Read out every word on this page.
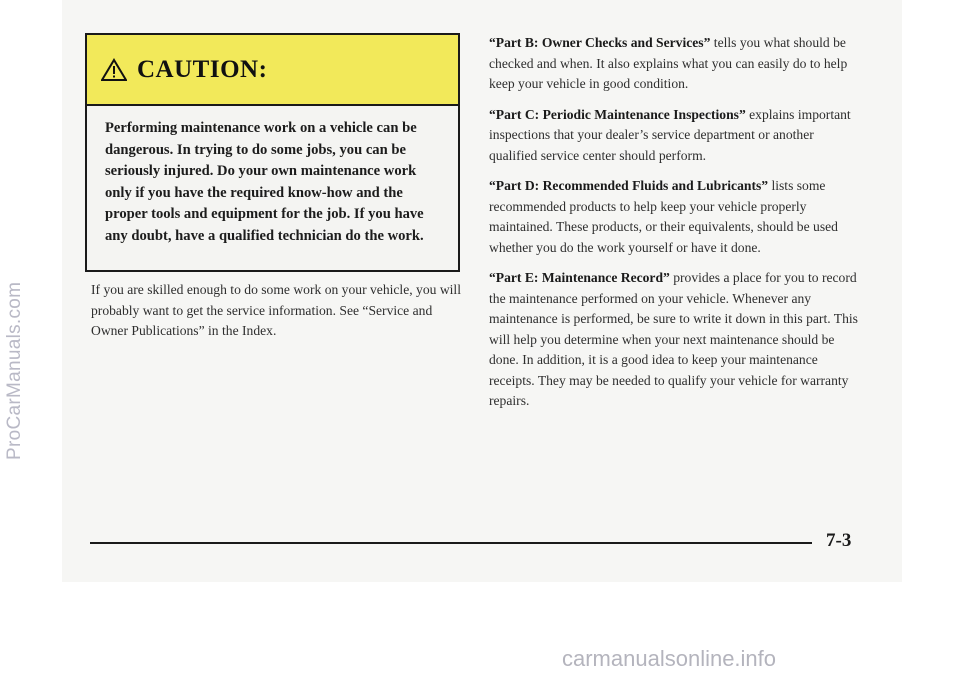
CAUTION:
Performing maintenance work on a vehicle can be dangerous. In trying to do some jobs, you can be seriously injured. Do your own maintenance work only if you have the required know-how and the proper tools and equipment for the job. If you have any doubt, have a qualified technician do the work.

If you are skilled enough to do some work on your vehicle, you will probably want to get the service information. See “Service and Owner Publications” in the Index.

“Part B: Owner Checks and Services” tells you what should be checked and when. It also explains what you can easily do to help keep your vehicle in good condition.

“Part C: Periodic Maintenance Inspections” explains important inspections that your dealer’s service department or another qualified service center should perform.

“Part D: Recommended Fluids and Lubricants” lists some recommended products to help keep your vehicle properly maintained. These products, or their equivalents, should be used whether you do the work yourself or have it done.

“Part E: Maintenance Record” provides a place for you to record the maintenance performed on your vehicle. Whenever any maintenance is performed, be sure to write it down in this part. This will help you determine when your next maintenance should be done. In addition, it is a good idea to keep your maintenance receipts. They may be needed to qualify your vehicle for warranty repairs.

7-3
ProCarManuals.com
carmanualsonline.info
